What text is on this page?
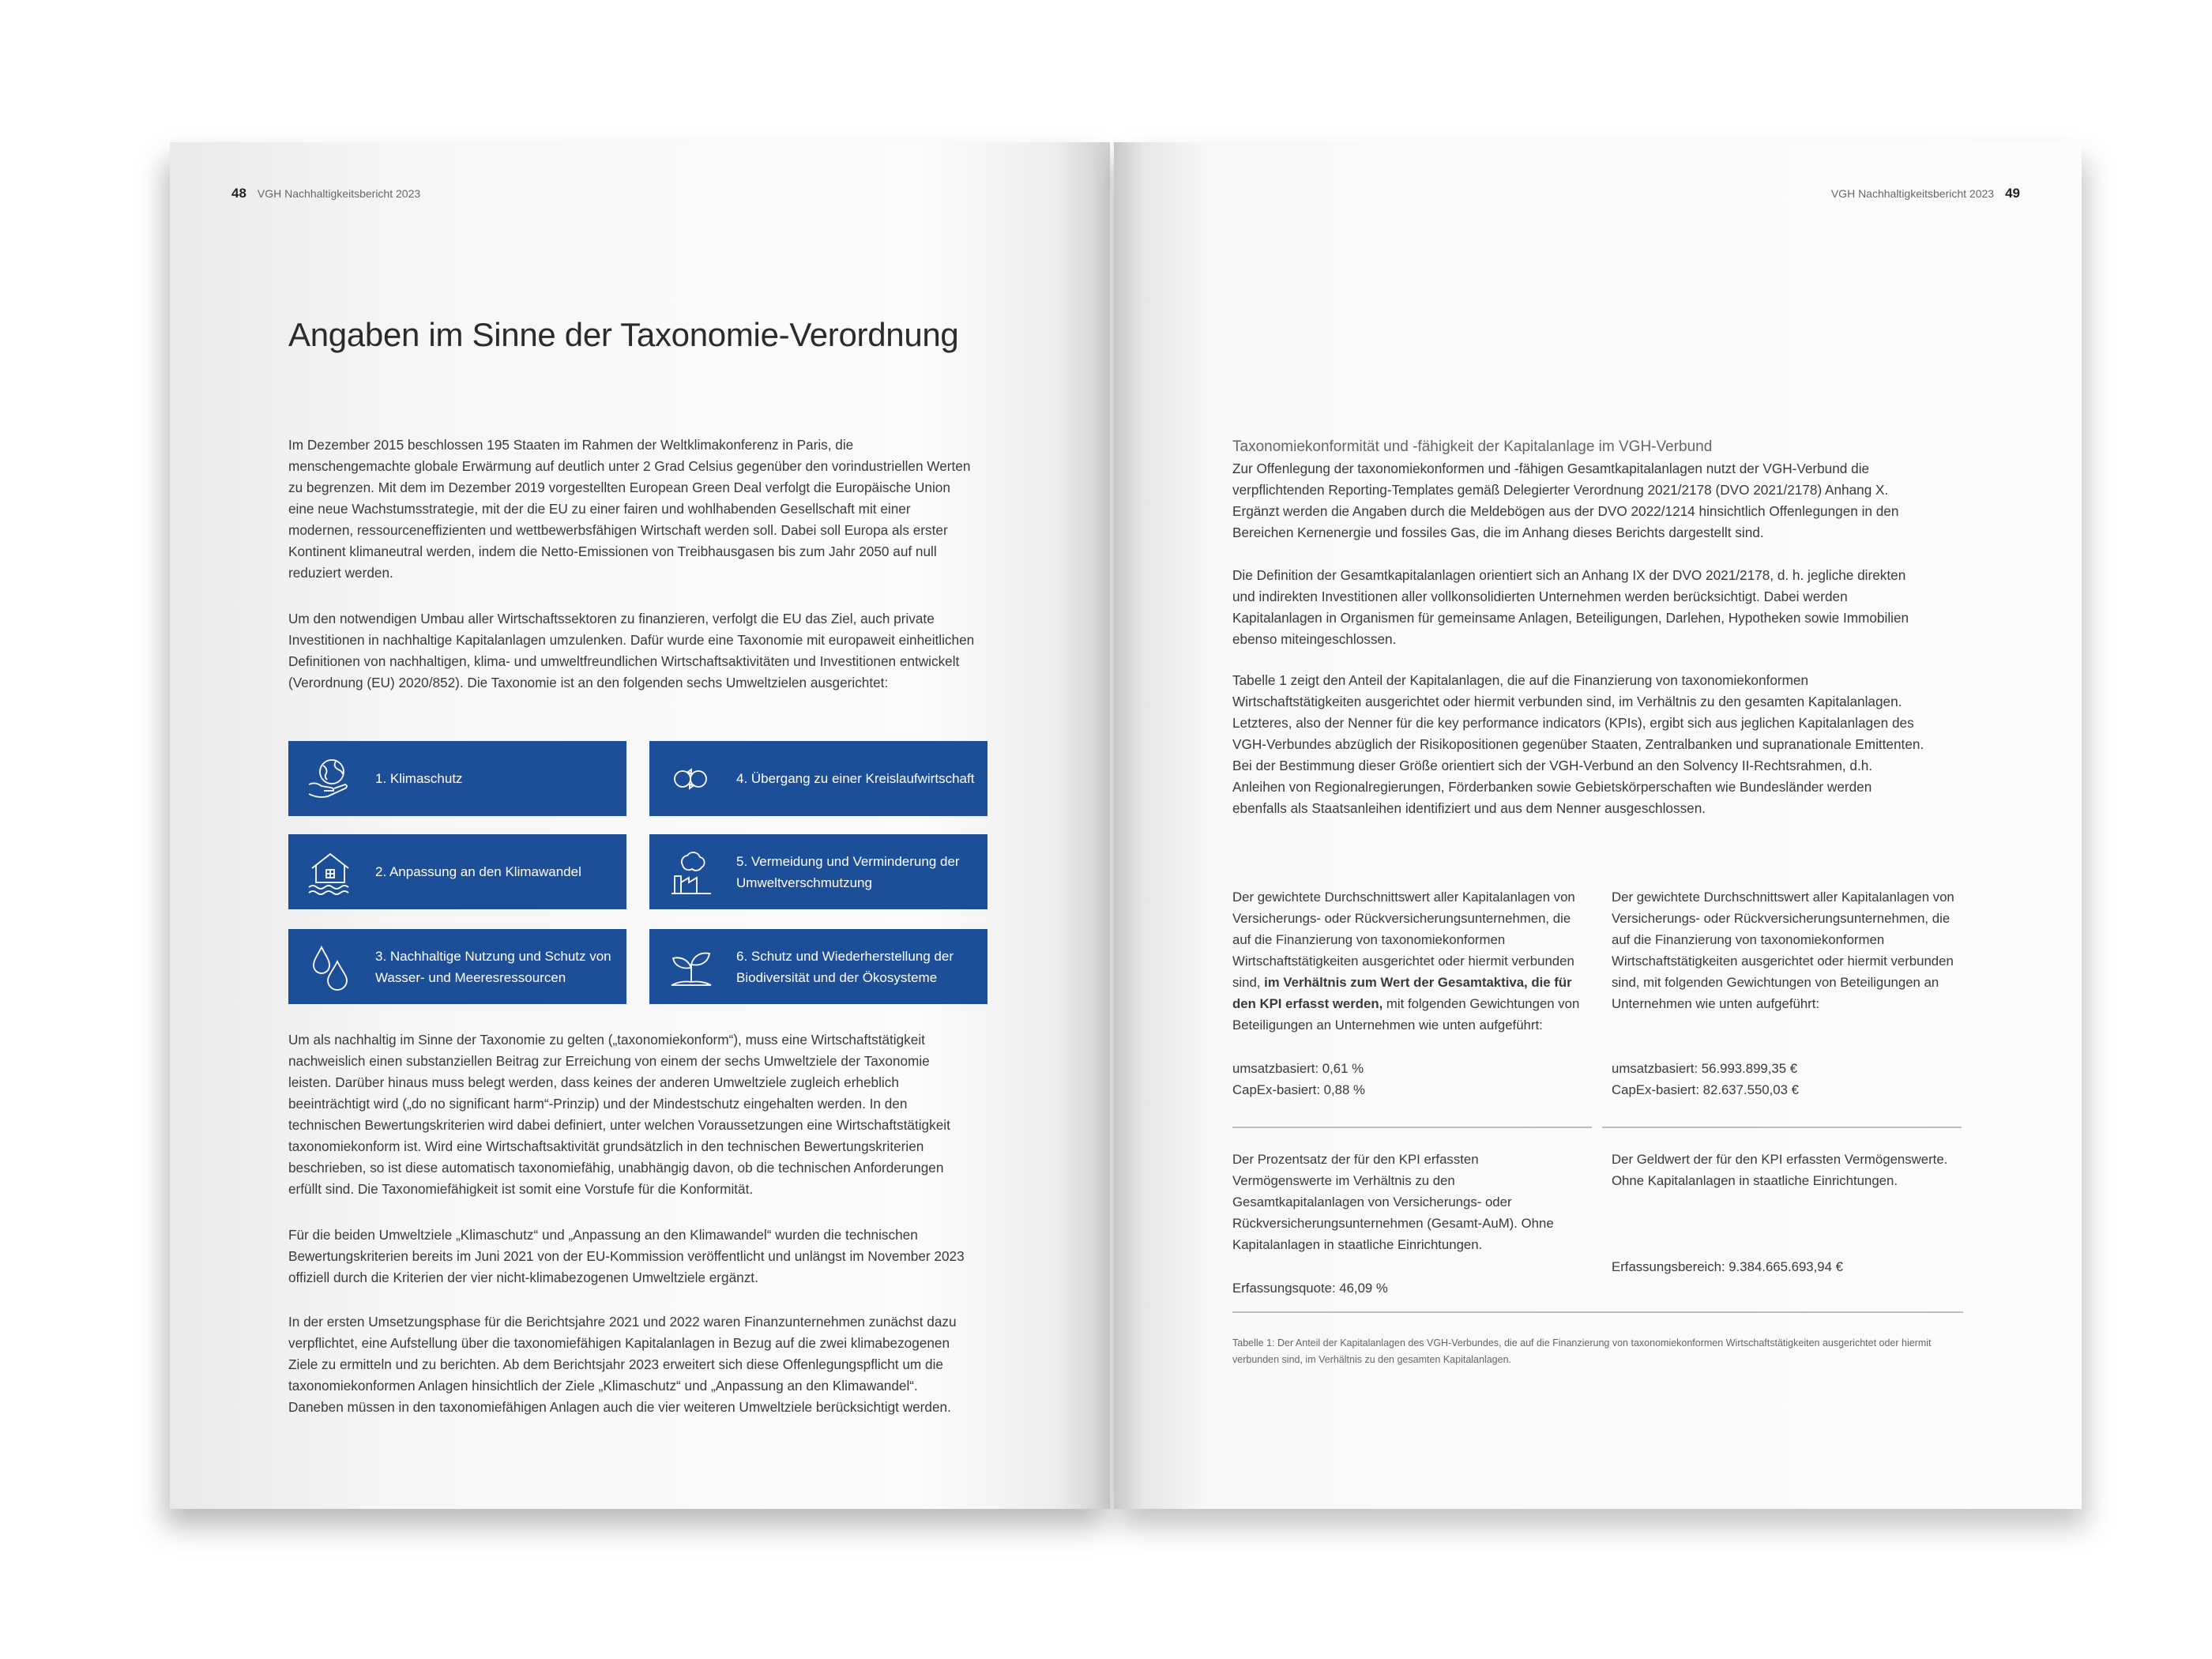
48 VGH Nachhaltigkeitsbericht 2023
Angaben im Sinne der Taxonomie-Verordnung

Im Dezember 2015 beschlossen 195 Staaten im Rahmen der Weltklimakonferenz in Paris, die menschengemachte globale Erwärmung auf deutlich unter 2 Grad Celsius gegenüber den vorindustriellen Werten zu begrenzen. Mit dem im Dezember 2019 vorgestellten European Green Deal verfolgt die Europäische Union eine neue Wachstumsstrategie, mit der die EU zu einer fairen und wohlhabenden Gesellschaft mit einer modernen, ressourceneffizienten und wettbewerbsfähigen Wirtschaft werden soll. Dabei soll Europa als erster Kontinent klimaneutral werden, indem die Netto-Emissionen von Treibhausgasen bis zum Jahr 2050 auf null reduziert werden.

Um den notwendigen Umbau aller Wirtschaftssektoren zu finanzieren, verfolgt die EU das Ziel, auch private Investitionen in nachhaltige Kapitalanlagen umzulenken. Dafür wurde eine Taxonomie mit europaweit einheitlichen Definitionen von nachhaltigen, klima- und umweltfreundlichen Wirtschaftsaktivitäten und Investitionen entwickelt (Verordnung (EU) 2020/852). Die Taxonomie ist an den folgenden sechs Umweltzielen ausgerichtet:

1. Klimaschutz	4. Übergang zu einer Kreislaufwirtschaft
2. Anpassung an den Klimawandel
5. Vermeidung und Verminderung der Umweltverschmutzung
3. Nachhaltige Nutzung und Schutz von Wasser- und Meeresressourcen
6. Schutz und Wiederherstellung der Biodiversität und der Ökosysteme

Um als nachhaltig im Sinne der Taxonomie zu gelten („taxonomiekonform“), muss eine Wirtschaftstätigkeit nachweislich einen substanziellen Beitrag zur Erreichung von einem der sechs Umweltziele der Taxonomie leisten. Darüber hinaus muss belegt werden, dass keines der anderen Umweltziele zugleich erheblich beeinträchtigt wird („do no significant harm“-Prinzip) und der Mindestschutz eingehalten werden. In den technischen Bewertungskriterien wird dabei definiert, unter welchen Voraussetzungen eine Wirtschaftstätigkeit taxonomiekonform ist. Wird eine Wirtschaftsaktivität grundsätzlich in den technischen Bewertungskriterien beschrieben, so ist diese automatisch taxonomiefähig, unabhängig davon, ob die technischen Anforderungen erfüllt sind. Die Taxonomiefähigkeit ist somit eine Vorstufe für die Konformität.

Für die beiden Umweltziele „Klimaschutz“ und „Anpassung an den Klimawandel“ wurden die technischen Bewertungskriterien bereits im Juni 2021 von der EU-Kommission veröffentlicht und unlängst im November 2023 offiziell durch die Kriterien der vier nicht-klimabezogenen Umweltziele ergänzt.

In der ersten Umsetzungsphase für die Berichtsjahre 2021 und 2022 waren Finanzunternehmen zunächst dazu verpflichtet, eine Aufstellung über die taxonomiefähigen Kapitalanlagen in Bezug auf die zwei klimabezogenen Ziele zu ermitteln und zu berichten. Ab dem Berichtsjahr 2023 erweitert sich diese Offenlegungspflicht um die taxonomiekonformen Anlagen hinsichtlich der Ziele „Klimaschutz“ und „Anpassung an den Klimawandel“. Daneben müssen in den taxonomiefähigen Anlagen auch die vier weiteren Umweltziele berücksichtigt werden.

VGH Nachhaltigkeitsbericht 2023 49
Taxonomiekonformität und -fähigkeit der Kapitalanlage im VGH-Verbund

Zur Offenlegung der taxonomiekonformen und -fähigen Gesamtkapitalanlagen nutzt der VGH-Verbund die verpflichtenden Reporting-Templates gemäß Delegierter Verordnung 2021/2178 (DVO 2021/2178) Anhang X. Ergänzt werden die Angaben durch die Meldebögen aus der DVO 2022/1214 hinsichtlich Offenlegungen in den Bereichen Kernenergie und fossiles Gas, die im Anhang dieses Berichts dargestellt sind.

Die Definition der Gesamtkapitalanlagen orientiert sich an Anhang IX der DVO 2021/2178, d. h. jegliche direkten und indirekten Investitionen aller vollkonsolidierten Unternehmen werden berücksichtigt. Dabei werden Kapitalanlagen in Organismen für gemeinsame Anlagen, Beteiligungen, Darlehen, Hypotheken sowie Immobilien ebenso miteingeschlossen.

Tabelle 1 zeigt den Anteil der Kapitalanlagen, die auf die Finanzierung von taxonomiekonformen Wirtschaftstätigkeiten ausgerichtet oder hiermit verbunden sind, im Verhältnis zu den gesamten Kapitalanlagen. Letzteres, also der Nenner für die key performance indicators (KPIs), ergibt sich aus jeglichen Kapitalanlagen des VGH-Verbundes abzüglich der Risikopositionen gegenüber Staaten, Zentralbanken und supranationale Emittenten. Bei der Bestimmung dieser Größe orientiert sich der VGH-Verbund an den Solvency II-Rechtsrahmen, d.h. Anleihen von Regionalregierungen, Förderbanken sowie Gebietskörperschaften wie Bundesländer werden ebenfalls als Staatsanleihen identifiziert und aus dem Nenner ausgeschlossen.

Der gewichtete Durchschnittswert aller Kapitalanlagen von Versicherungs- oder Rückversicherungsunternehmen, die auf die Finanzierung von taxonomiekonformen Wirtschaftstätigkeiten ausgerichtet oder hiermit verbunden sind, im Verhältnis zum Wert der Gesamtaktiva, die für den KPI erfasst werden, mit folgenden Gewichtungen von Beteiligungen an Unternehmen wie unten aufgeführt:

umsatzbasiert: 0,61 %

CapEx-basiert: 0,88 %

Der gewichtete Durchschnittswert aller Kapitalanlagen von Versicherungs- oder Rückversicherungsunternehmen, die auf die Finanzierung von taxonomiekonformen Wirtschaftstätigkeiten ausgerichtet oder hiermit verbunden sind, mit folgenden Gewichtungen von Beteiligungen an Unternehmen wie unten aufgeführt:

umsatzbasiert: 56.993.899,35 €

CapEx-basiert: 82.637.550,03 €

Der Prozentsatz der für den KPI erfassten Vermögenswerte im Verhältnis zu den Gesamtkapitalanlagen von Versicherungs- oder Rückversicherungsunternehmen (Gesamt-AuM). Ohne Kapitalanlagen in staatliche Einrichtungen.

Erfassungsquote: 46,09 %

Der Geldwert der für den KPI erfassten Vermögenswerte. Ohne Kapitalanlagen in staatliche Einrichtungen.

Erfassungsbereich: 9.384.665.693,94 €

Tabelle 1: Der Anteil der Kapitalanlagen des VGH-Verbundes, die auf die Finanzierung von taxonomiekonformen Wirtschaftstätigkeiten ausgerichtet oder hiermit verbunden sind, im Verhältnis zu den gesamten Kapitalanlagen.
